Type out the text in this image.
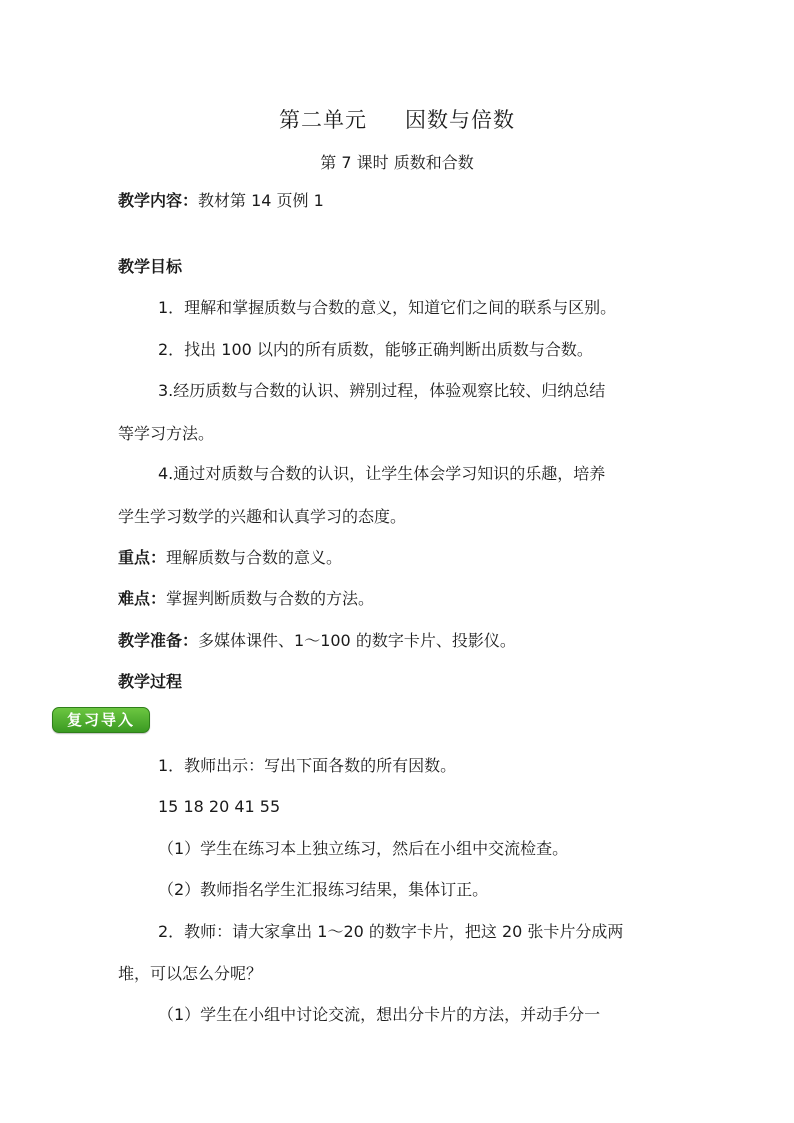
第二单元 因数与倍数
第 7 课时 质数和合数
教学内容：教材第 14 页例 1
教学目标
1．理解和掌握质数与合数的意义，知道它们之间的联系与区别。
2．找出 100 以内的所有质数，能够正确判断出质数与合数。
3.经历质数与合数的认识、辨别过程，体验观察比较、归纳总结
等学习方法。
4.通过对质数与合数的认识，让学生体会学习知识的乐趣，培养
学生学习数学的兴趣和认真学习的态度。
重点：理解质数与合数的意义。
难点：掌握判断质数与合数的方法。
教学准备：多媒体课件、1～100 的数字卡片、投影仪。
教学过程
复习导入
1．教师出示：写出下面各数的所有因数。
15 18 20 41 55
（1）学生在练习本上独立练习，然后在小组中交流检查。
（2）教师指名学生汇报练习结果，集体订正。
2．教师：请大家拿出 1～20 的数字卡片，把这 20 张卡片分成两
堆，可以怎么分呢？
（1）学生在小组中讨论交流，想出分卡片的方法，并动手分一
